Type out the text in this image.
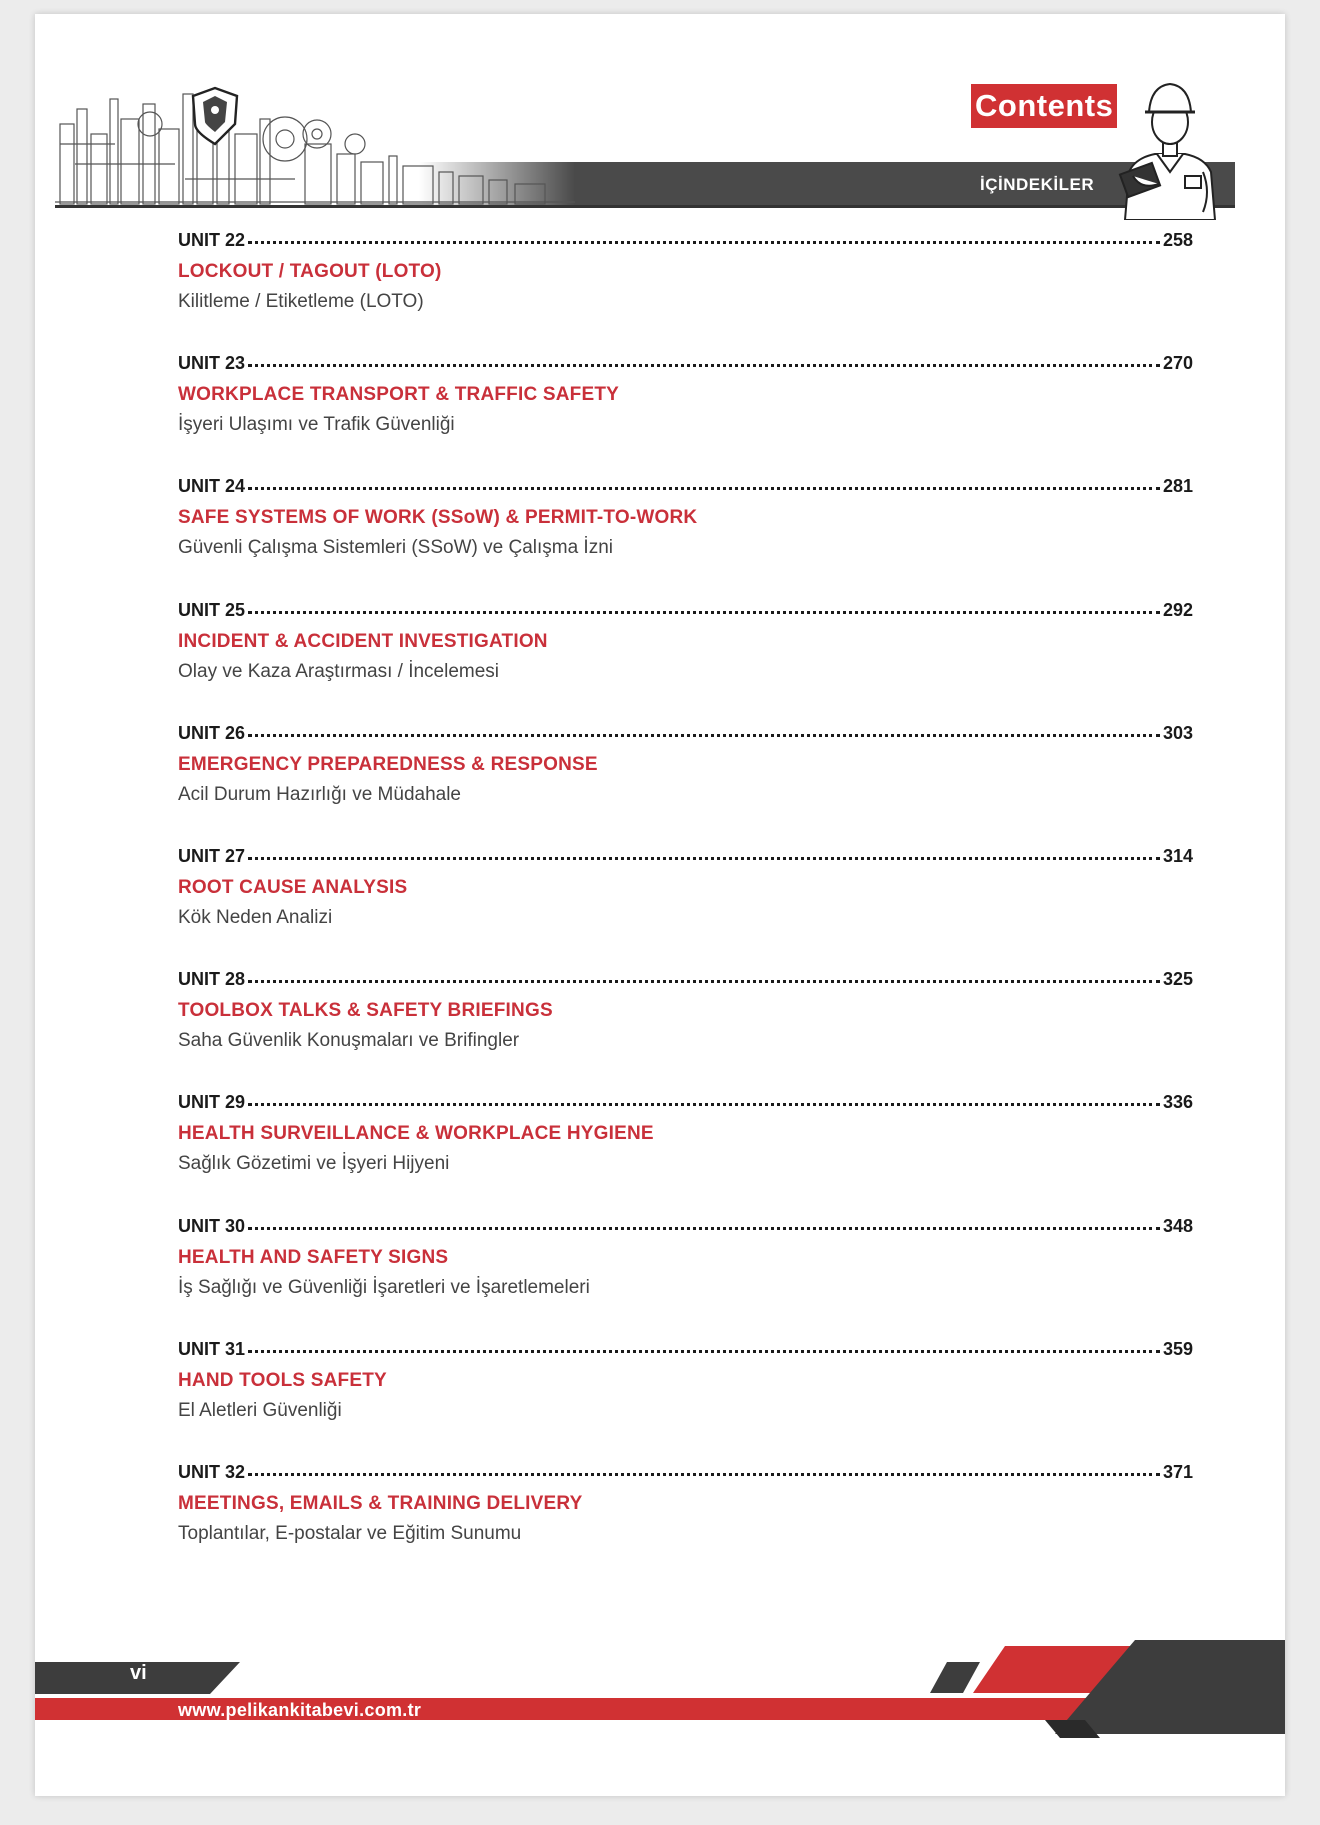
Contents
İÇİNDEKİLER
UNIT 22	258
LOCKOUT / TAGOUT (LOTO)
Kilitleme / Etiketleme (LOTO)
UNIT 23	270
WORKPLACE TRANSPORT & TRAFFIC SAFETY
İşyeri Ulaşımı ve Trafik Güvenliği
UNIT 24	281
SAFE SYSTEMS OF WORK (SSoW) & PERMIT-TO-WORK
Güvenli Çalışma Sistemleri (SSoW) ve Çalışma İzni
UNIT 25	292
INCIDENT & ACCIDENT INVESTIGATION
Olay ve Kaza Araştırması / İncelemesi
UNIT 26	303
EMERGENCY PREPAREDNESS & RESPONSE
Acil Durum Hazırlığı ve Müdahale
UNIT 27	314
ROOT CAUSE ANALYSIS
Kök Neden Analizi
UNIT 28	325
TOOLBOX TALKS & SAFETY BRIEFINGS
Saha Güvenlik Konuşmaları ve Brifingler
UNIT 29	336
HEALTH SURVEILLANCE & WORKPLACE HYGIENE
Sağlık Gözetimi ve İşyeri Hijyeni
UNIT 30	348
HEALTH AND SAFETY SIGNS
İş Sağlığı ve Güvenliği İşaretleri ve İşaretlemeleri
UNIT 31	359
HAND TOOLS SAFETY
El Aletleri Güvenliği
UNIT 32	371
MEETINGS, EMAILS & TRAINING DELIVERY
Toplantılar, E-postalar ve Eğitim Sunumu
vi
www.pelikankitabevi.com.tr
